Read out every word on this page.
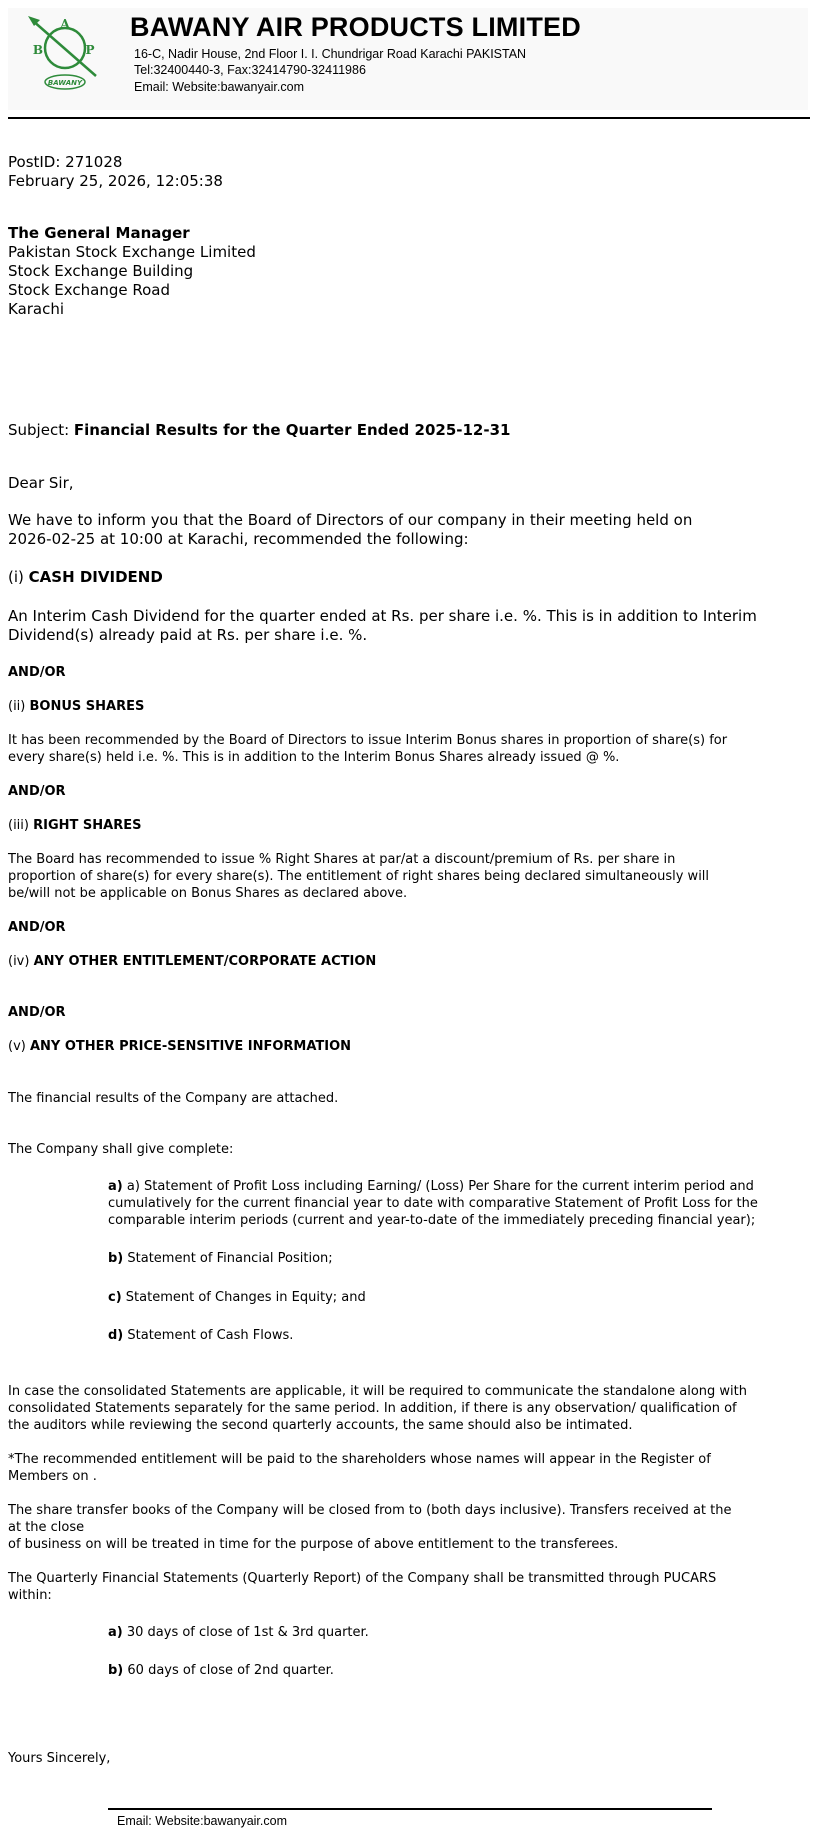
A
B	P
BAWANY
BAWANY AIR PRODUCTS LIMITED
16-C, Nadir House, 2nd Floor I. I. Chundrigar Road Karachi PAKISTAN
Tel:32400440-3, Fax:32414790-32411986
Email: Website:bawanyair.com
PostID: 271028
February 25, 2026, 12:05:38
The General Manager
Pakistan Stock Exchange Limited
Stock Exchange Building
Stock Exchange Road
Karachi
Subject: Financial Results for the Quarter Ended 2025-12-31
Dear Sir,
We have to inform you that the Board of Directors of our company in their meeting held on
2026-02-25 at 10:00 at Karachi, recommended the following:
(i) CASH DIVIDEND
An Interim Cash Dividend for the quarter ended at Rs. per share i.e. %. This is in addition to Interim
Dividend(s) already paid at Rs. per share i.e. %.
AND/OR
(ii) BONUS SHARES
It has been recommended by the Board of Directors to issue Interim Bonus shares in proportion of share(s) for
every share(s) held i.e. %. This is in addition to the Interim Bonus Shares already issued @ %.
AND/OR
(iii) RIGHT SHARES
The Board has recommended to issue % Right Shares at par/at a discount/premium of Rs. per share in
proportion of share(s) for every share(s). The entitlement of right shares being declared simultaneously will
be/will not be applicable on Bonus Shares as declared above.
AND/OR
(iv) ANY OTHER ENTITLEMENT/CORPORATE ACTION
AND/OR
(v) ANY OTHER PRICE-SENSITIVE INFORMATION
The financial results of the Company are attached.
The Company shall give complete:
a) a) Statement of Profit Loss including Earning/ (Loss) Per Share for the current interim period and
cumulatively for the current financial year to date with comparative Statement of Profit Loss for the
comparable interim periods (current and year-to-date of the immediately preceding financial year);
b) Statement of Financial Position;
c) Statement of Changes in Equity; and
d) Statement of Cash Flows.
In case the consolidated Statements are applicable, it will be required to communicate the standalone along with
consolidated Statements separately for the same period. In addition, if there is any observation/ qualification of
the auditors while reviewing the second quarterly accounts, the same should also be intimated.
*The recommended entitlement will be paid to the shareholders whose names will appear in the Register of
Members on .
The share transfer books of the Company will be closed from to (both days inclusive). Transfers received at the
at the close
of business on will be treated in time for the purpose of above entitlement to the transferees.
The Quarterly Financial Statements (Quarterly Report) of the Company shall be transmitted through PUCARS
within:
a) 30 days of close of 1st & 3rd quarter.
b) 60 days of close of 2nd quarter.
Yours Sincerely,
Email: Website:bawanyair.com
